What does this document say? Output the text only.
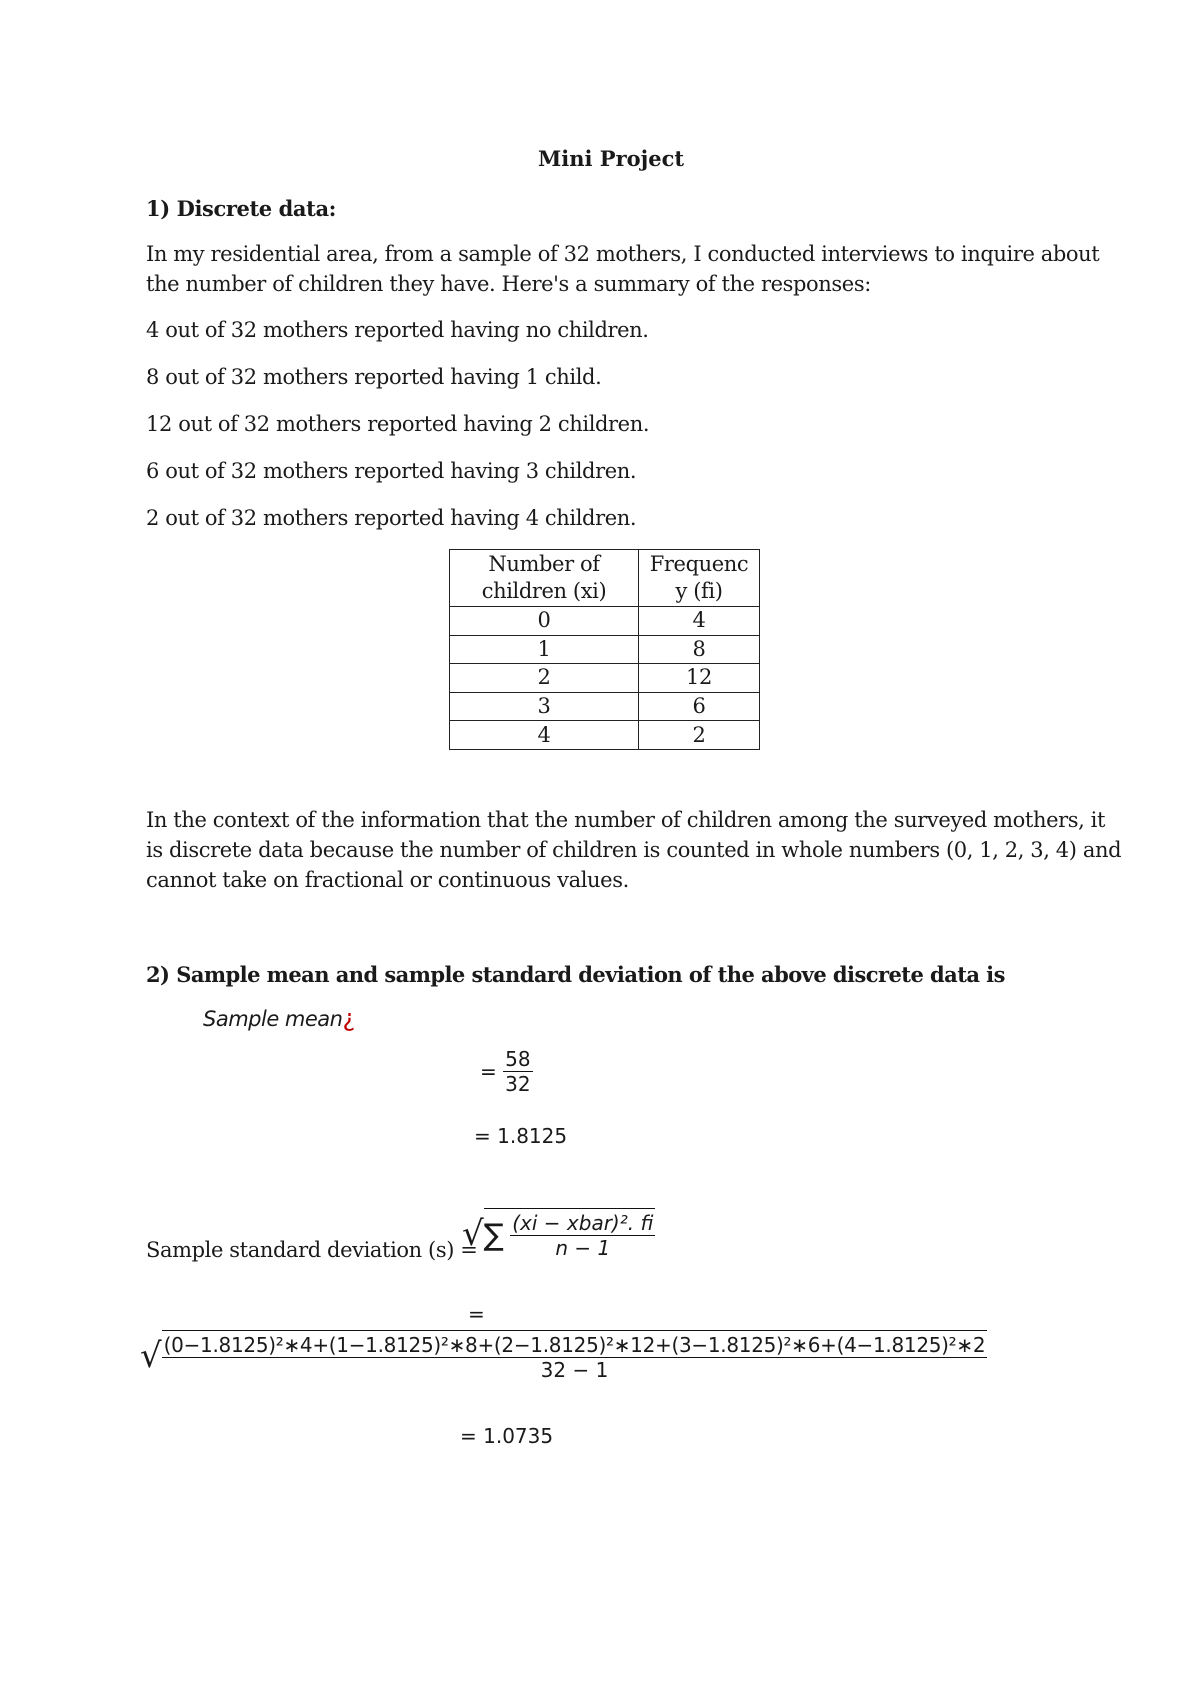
Mini Project
1) Discrete data:
In my residential area, from a sample of 32 mothers, I conducted interviews to inquire about
the number of children they have. Here's a summary of the responses:
4 out of 32 mothers reported having no children.
8 out of 32 mothers reported having 1 child.
12 out of 32 mothers reported having 2 children.
6 out of 32 mothers reported having 3 children.
2 out of 32 mothers reported having 4 children.
Number of
children (xi)	Frequenc
y (fi)
0	4
1	8
2	12
3	6
4	2
In the context of the information that the number of children among the surveyed mothers, it
is discrete data because the number of children is counted in whole numbers (0, 1, 2, 3, 4) and
cannot take on fractional or continuous values.
2) Sample mean and sample standard deviation of the above discrete data is
Sample mean¿
= $\frac{58}{32}$
= 1.8125
Sample standard deviation (s) =
√∑ $\frac{\text{(xi − xbar)². fi}}{n - 1}$
=
√ (0−1.8125)²∗4+(1−1.8125)²∗8+(2−1.8125)²∗12+(3−1.8125)²∗6+(4−1.8125)²∗2
32 − 1
= 1.0735
